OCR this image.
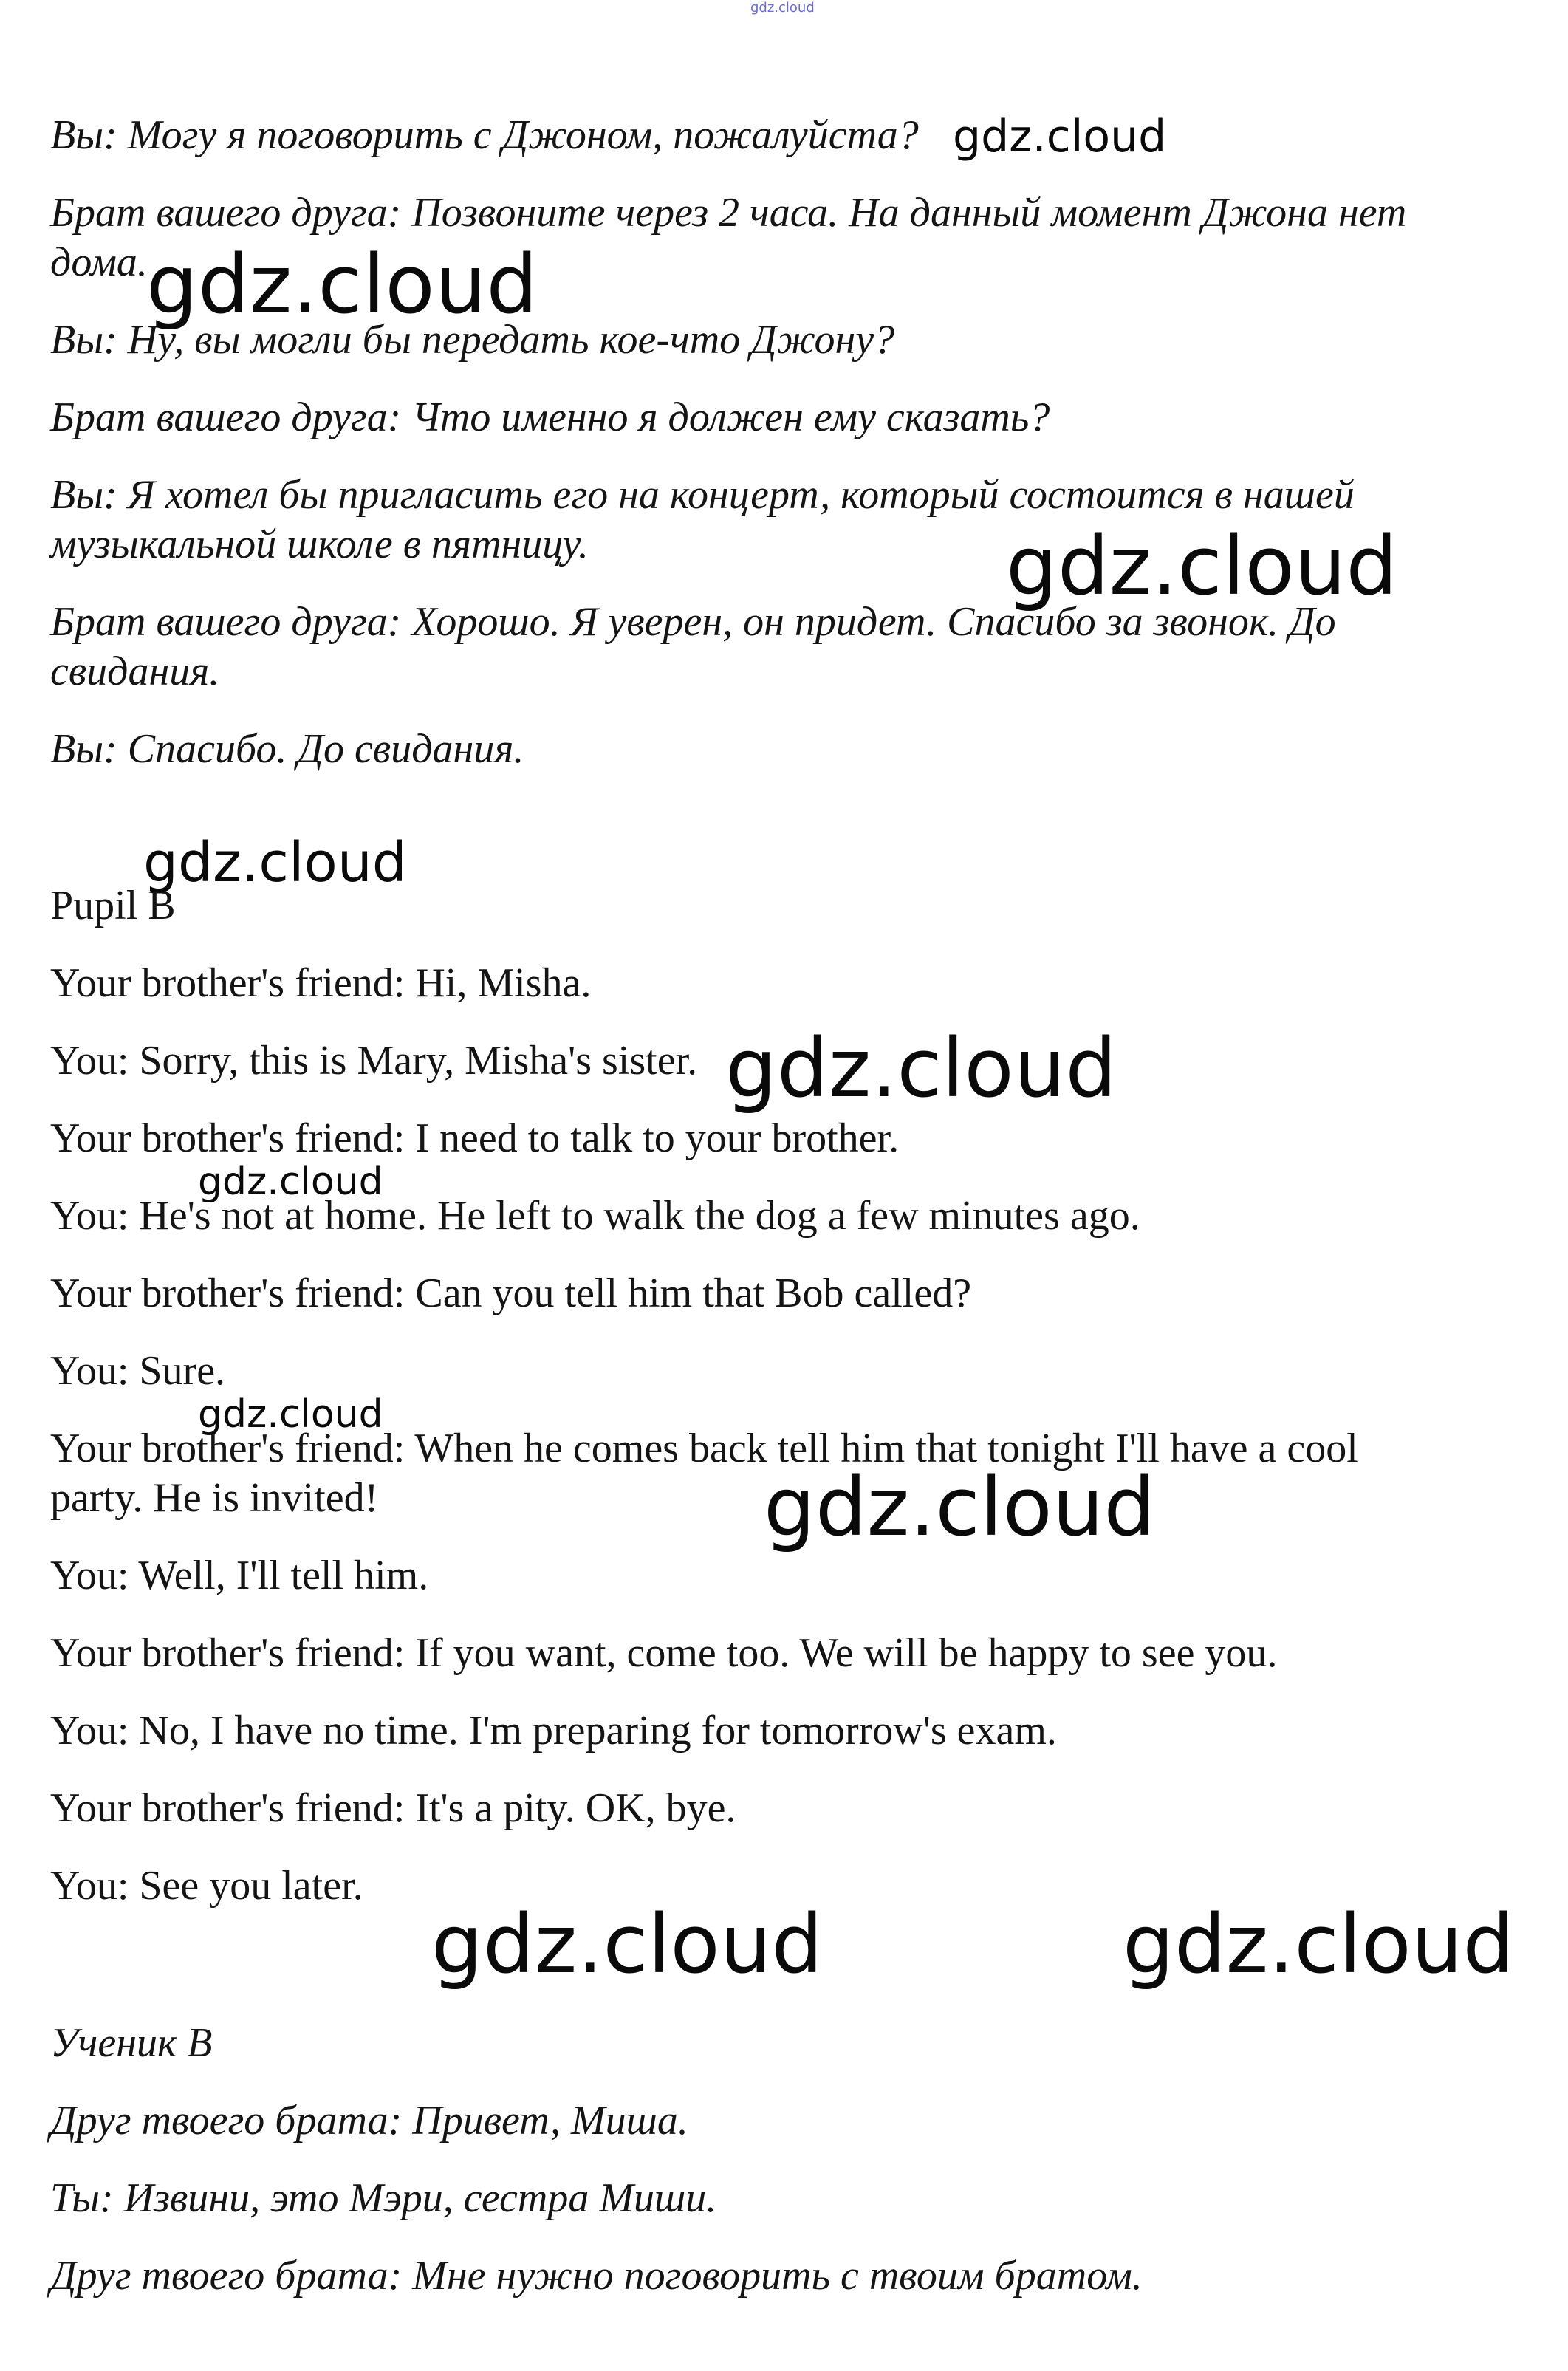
gdz.cloud

Вы: Могу я поговорить с Джоном, пожалуйста?

Брат вашего друга: Позвоните через 2 часа. На данный момент Джона нет

дома.

Вы: Ну, вы могли бы передать кое-что Джону?

Брат вашего друга: Что именно я должен ему сказать?

Вы: Я хотел бы пригласить его на концерт, который состоится в нашей

музыкальной школе в пятницу.

Брат вашего друга: Хорошо. Я уверен, он придет. Спасибо за звонок. До

свидания.

Вы: Спасибо. До свидания.

Pupil B

Your brother's friend: Hi, Misha.

You: Sorry, this is Mary, Misha's sister.

Your brother's friend: I need to talk to your brother.

You: He's not at home. He left to walk the dog a few minutes ago.

Your brother's friend: Can you tell him that Bob called?

You: Sure.

Your brother's friend: When he comes back tell him that tonight I'll have a cool

party. He is invited!

You: Well, I'll tell him.

Your brother's friend: If you want, come too. We will be happy to see you.

You: No, I have no time. I'm preparing for tomorrow's exam.

Your brother's friend: It's a pity. OK, bye.

You: See you later.

Ученик В

Друг твоего брата: Привет, Миша.

Ты: Извини, это Мэри, сестра Миши.

Друг твоего брата: Мне нужно поговорить с твоим братом.

gdz.cloud
gdz.cloud
gdz.cloud
gdz.cloud
gdz.cloud
gdz.cloud
gdz.cloud
gdz.cloud
gdz.cloud	gdz.cloud
